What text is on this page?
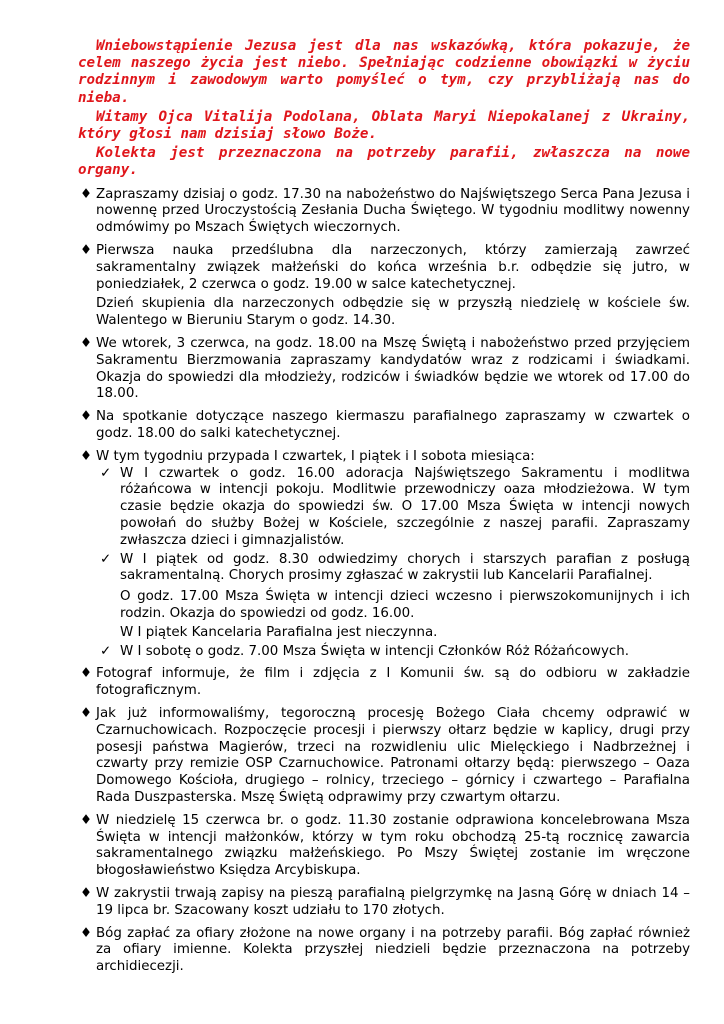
Wniebowstąpienie Jezusa jest dla nas wskazówką, która pokazuje, że celem naszego życia jest niebo. Spełniając codzienne obowiązki w życiu rodzinnym i zawodowym warto pomyśleć o tym, czy przybliżają nas do nieba.

Witamy Ojca Vitalija Podolana, Oblata Maryi Niepokalanej z Ukrainy, który głosi nam dzisiaj słowo Boże.

Kolekta jest przeznaczona na potrzeby parafii, zwłaszcza na nowe organy.

♦ Zapraszamy dzisiaj o godz. 17.30 na nabożeństwo do Najświętszego Serca Pana Jezusa i nowennę przed Uroczystością Zesłania Ducha Świętego. W tygodniu modlitwy nowenny odmówimy po Mszach Świętych wieczornych.
♦ Pierwsza nauka przedślubna dla narzeczonych, którzy zamierzają zawrzeć sakramentalny związek małżeński do końca września b.r. odbędzie się jutro, w poniedziałek, 2 czerwca o godz. 19.00 w salce katechetycznej.

Dzień skupienia dla narzeczonych odbędzie się w przyszłą niedzielę w kościele św. Walentego w Bieruniu Starym o godz. 14.30.

♦ We wtorek, 3 czerwca, na godz. 18.00 na Mszę Świętą i nabożeństwo przed przyjęciem Sakramentu Bierzmowania zapraszamy kandydatów wraz z rodzicami i świadkami. Okazja do spowiedzi dla młodzieży, rodziców i świadków będzie we wtorek od 17.00 do 18.00.
♦ Na spotkanie dotyczące naszego kiermaszu parafialnego zapraszamy w czwartek o godz. 18.00 do salki katechetycznej.
♦ W tym tygodniu przypada I czwartek, I piątek i I sobota miesiąca:
✓ W I czwartek o godz. 16.00 adoracja Najświętszego Sakramentu i modlitwa różańcowa w intencji pokoju. Modlitwie przewodniczy oaza młodzieżowa. W tym czasie będzie okazja do spowiedzi św. O 17.00 Msza Święta w intencji nowych powołań do służby Bożej w Kościele, szczególnie z naszej parafii. Zapraszamy zwłaszcza dzieci i gimnazjalistów.
✓ W I piątek od godz. 8.30 odwiedzimy chorych i starszych parafian z posługą sakramentalną. Chorych prosimy zgłaszać w zakrystii lub Kancelarii Parafialnej.

O godz. 17.00 Msza Święta w intencji dzieci wczesno i pierwszokomunijnych i ich rodzin. Okazja do spowiedzi od godz. 16.00.

W I piątek Kancelaria Parafialna jest nieczynna.

✓ W I sobotę o godz. 7.00 Msza Święta w intencji Członków Róż Różańcowych.
♦ Fotograf informuje, że film i zdjęcia z I Komunii św. są do odbioru w zakładzie fotograficznym.
♦ Jak już informowaliśmy, tegoroczną procesję Bożego Ciała chcemy odprawić w Czarnuchowicach. Rozpoczęcie procesji i pierwszy ołtarz będzie w kaplicy, drugi przy posesji państwa Magierów, trzeci na rozwidleniu ulic Mielęckiego i Nadbrzeżnej i czwarty przy remizie OSP Czarnuchowice. Patronami ołtarzy będą: pierwszego – Oaza Domowego Kościoła, drugiego – rolnicy, trzeciego – górnicy i czwartego – Parafialna Rada Duszpasterska. Mszę Świętą odprawimy przy czwartym ołtarzu.
♦ W niedzielę 15 czerwca br. o godz. 11.30 zostanie odprawiona koncelebrowana Msza Święta w intencji małżonków, którzy w tym roku obchodzą 25-tą rocznicę zawarcia sakramentalnego związku małżeńskiego. Po Mszy Świętej zostanie im wręczone błogosławieństwo Księdza Arcybiskupa.
♦ W zakrystii trwają zapisy na pieszą parafialną pielgrzymkę na Jasną Górę w dniach 14 – 19 lipca br. Szacowany koszt udziału to 170 złotych.
♦ Bóg zapłać za ofiary złożone na nowe organy i na potrzeby parafii. Bóg zapłać również za ofiary imienne. Kolekta przyszłej niedzieli będzie przeznaczona na potrzeby archidiecezji.
